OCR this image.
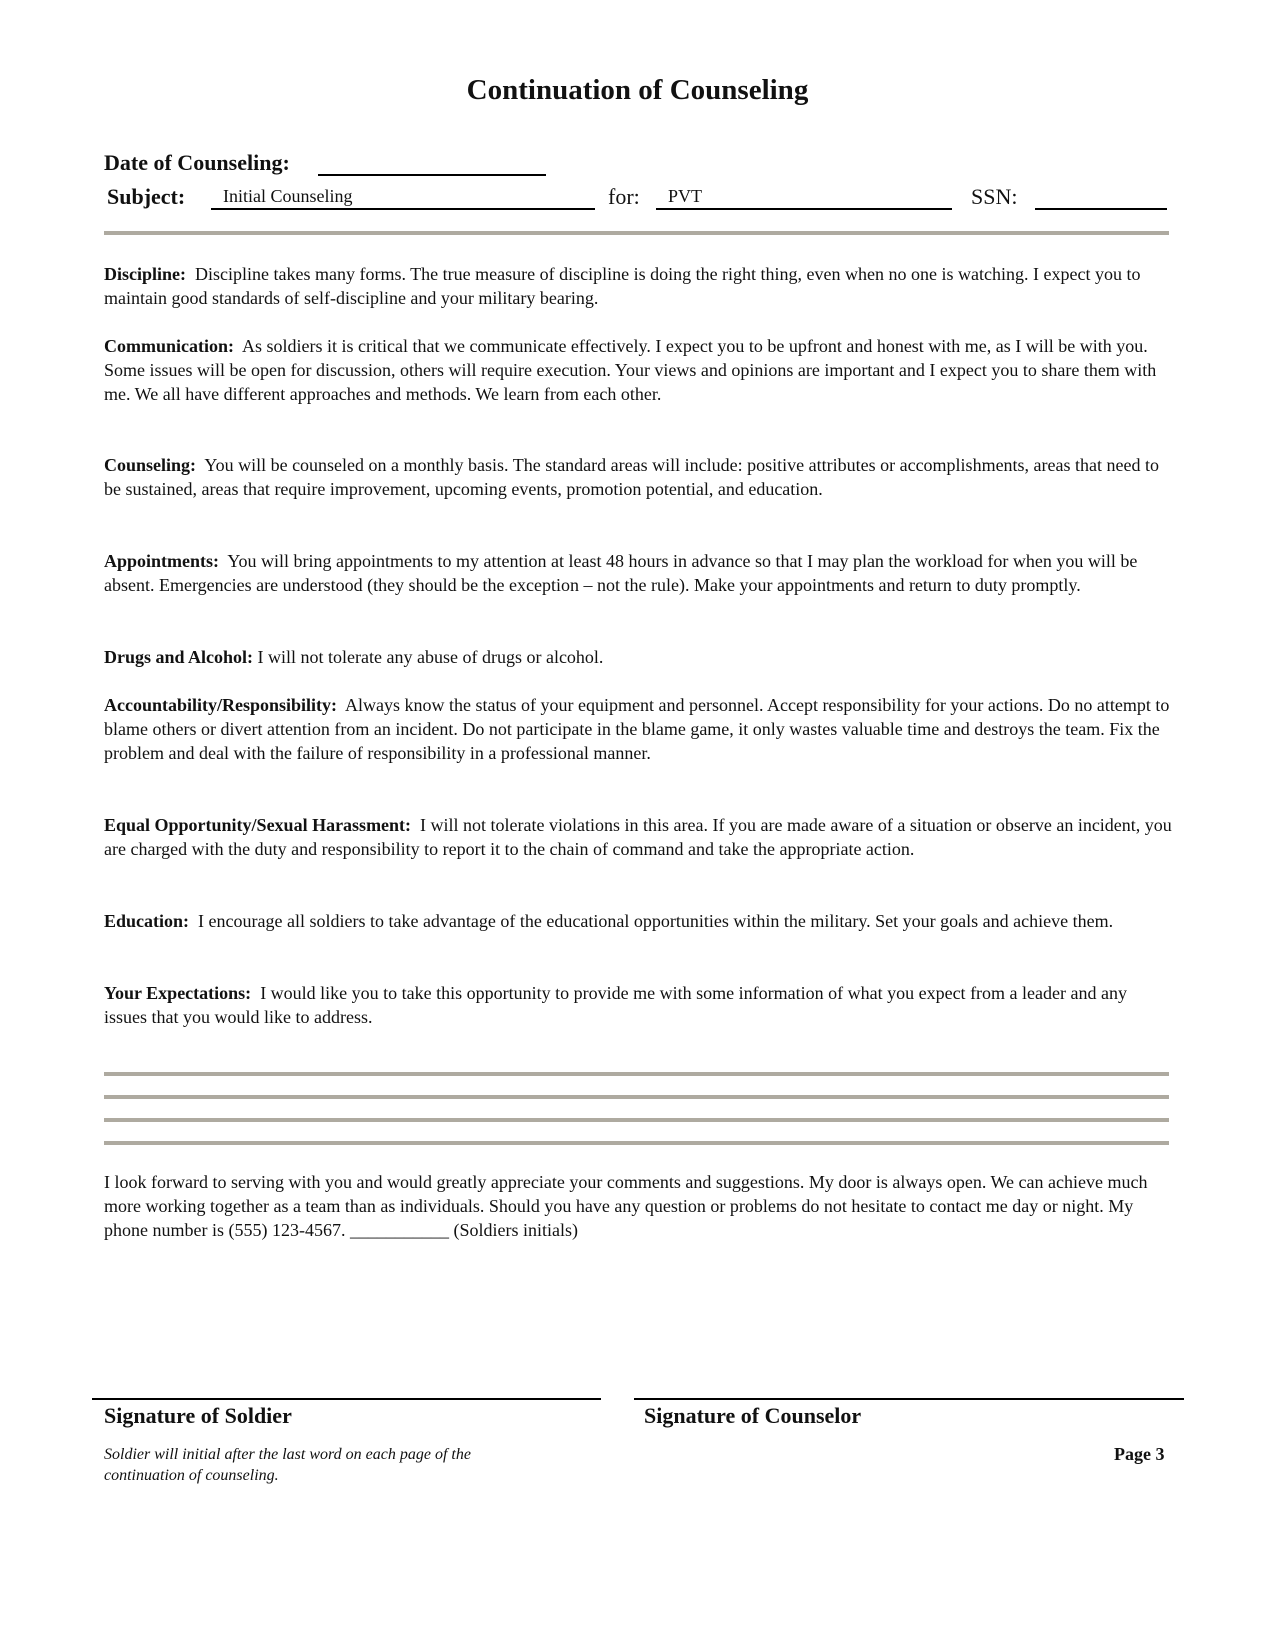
Continuation of Counseling
Date of Counseling:
Subject: Initial Counseling	for: PVT	SSN:
Discipline: Discipline takes many forms. The true measure of discipline is doing the right thing, even when no one is watching. I expect you to maintain good standards of self-discipline and your military bearing.
Communication: As soldiers it is critical that we communicate effectively. I expect you to be upfront and honest with me, as I will be with you. Some issues will be open for discussion, others will require execution. Your views and opinions are important and I expect you to share them with me. We all have different approaches and methods. We learn from each other.
Counseling: You will be counseled on a monthly basis. The standard areas will include: positive attributes or accomplishments, areas that need to be sustained, areas that require improvement, upcoming events, promotion potential, and education.
Appointments: You will bring appointments to my attention at least 48 hours in advance so that I may plan the workload for when you will be absent. Emergencies are understood (they should be the exception – not the rule). Make your appointments and return to duty promptly.
Drugs and Alcohol: I will not tolerate any abuse of drugs or alcohol.
Accountability/Responsibility: Always know the status of your equipment and personnel. Accept responsibility for your actions. Do no attempt to blame others or divert attention from an incident. Do not participate in the blame game, it only wastes valuable time and destroys the team. Fix the problem and deal with the failure of responsibility in a professional manner.
Equal Opportunity/Sexual Harassment: I will not tolerate violations in this area. If you are made aware of a situation or observe an incident, you are charged with the duty and responsibility to report it to the chain of command and take the appropriate action.
Education: I encourage all soldiers to take advantage of the educational opportunities within the military. Set your goals and achieve them.
Your Expectations: I would like you to take this opportunity to provide me with some information of what you expect from a leader and any issues that you would like to address.
I look forward to serving with you and would greatly appreciate your comments and suggestions. My door is always open. We can achieve much more working together as a team than as individuals. Should you have any question or problems do not hesitate to contact me day or night. My phone number is (555) 123-4567. ___________ (Soldiers initials)
Signature of Soldier	Signature of Counselor
Soldier will initial after the last word on each page of the continuation of counseling.
Page 3
